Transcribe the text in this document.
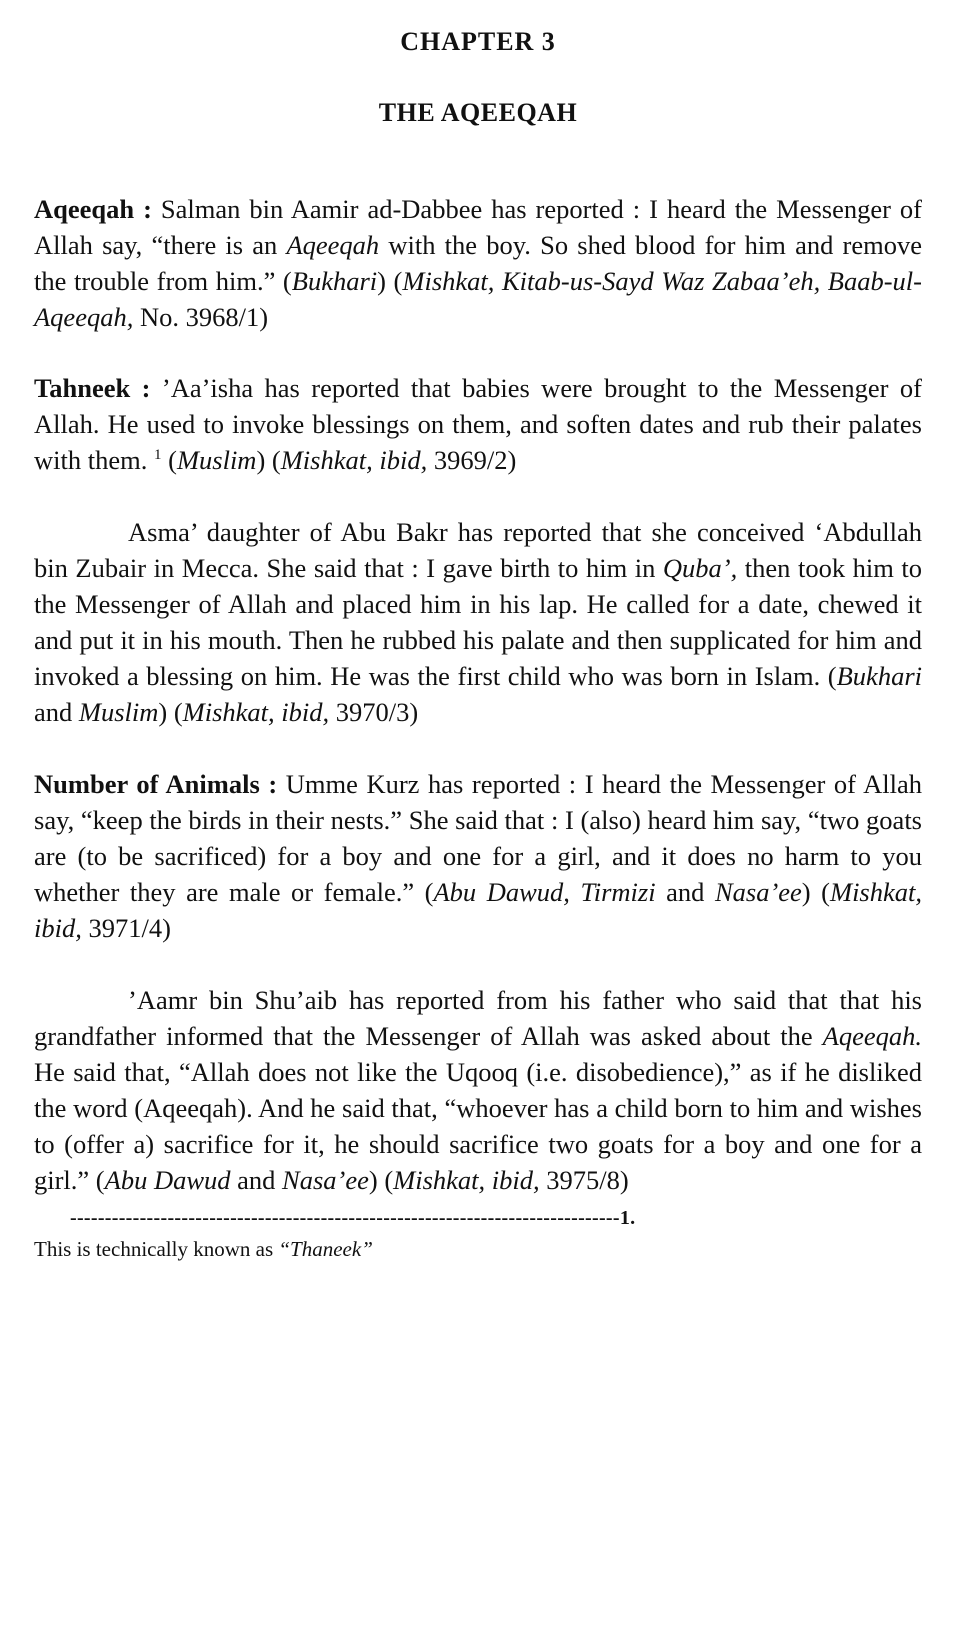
CHAPTER 3
THE AQEEQAH

Aqeeqah : Salman bin Aamir ad-Dabbee has reported : I heard the Messenger of Allah say, “there is an Aqeeqah with the boy. So shed blood for him and remove the trouble from him.” (Bukhari) (Mishkat, Kitab-us-Sayd Waz Zabaa’eh, Baab-ul-Aqeeqah, No. 3968/1)

Tahneek : ’Aa’isha has reported that babies were brought to the Messenger of Allah. He used to invoke blessings on them, and soften dates and rub their palates with them. $^1$ (Muslim) (Mishkat, ibid, 3969/2)

Asma’ daughter of Abu Bakr has reported that she conceived ‘Abdullah bin Zubair in Mecca. She said that : I gave birth to him in Quba’, then took him to the Messenger of Allah and placed him in his lap. He called for a date, chewed it and put it in his mouth. Then he rubbed his palate and then supplicated for him and invoked a blessing on him. He was the first child who was born in Islam. (Bukhari and Muslim) (Mishkat, ibid, 3970/3)

Number of Animals : Umme Kurz has reported : I heard the Messenger of Allah say, “keep the birds in their nests.” She said that : I (also) heard him say, “two goats are (to be sacrificed) for a boy and one for a girl, and it does no harm to you whether they are male or female.” (Abu Dawud, Tirmizi and Nasa’ee) (Mishkat, ibid, 3971/4)

’Aamr bin Shu’aib has reported from his father who said that that his grandfather informed that the Messenger of Allah was asked about the Aqeeqah. He said that, “Allah does not like the Uqooq (i.e. disobedience),” as if he disliked the word (Aqeeqah). And he said that, “whoever has a child born to him and wishes to (offer a) sacrifice for it, he should sacrifice two goats for a boy and one for a girl.” (Abu Dawud and Nasa’ee) (Mishkat, ibid, 3975/8)

-------------------------------------------------------------------------------1.

This is technically known as “Thaneek”
